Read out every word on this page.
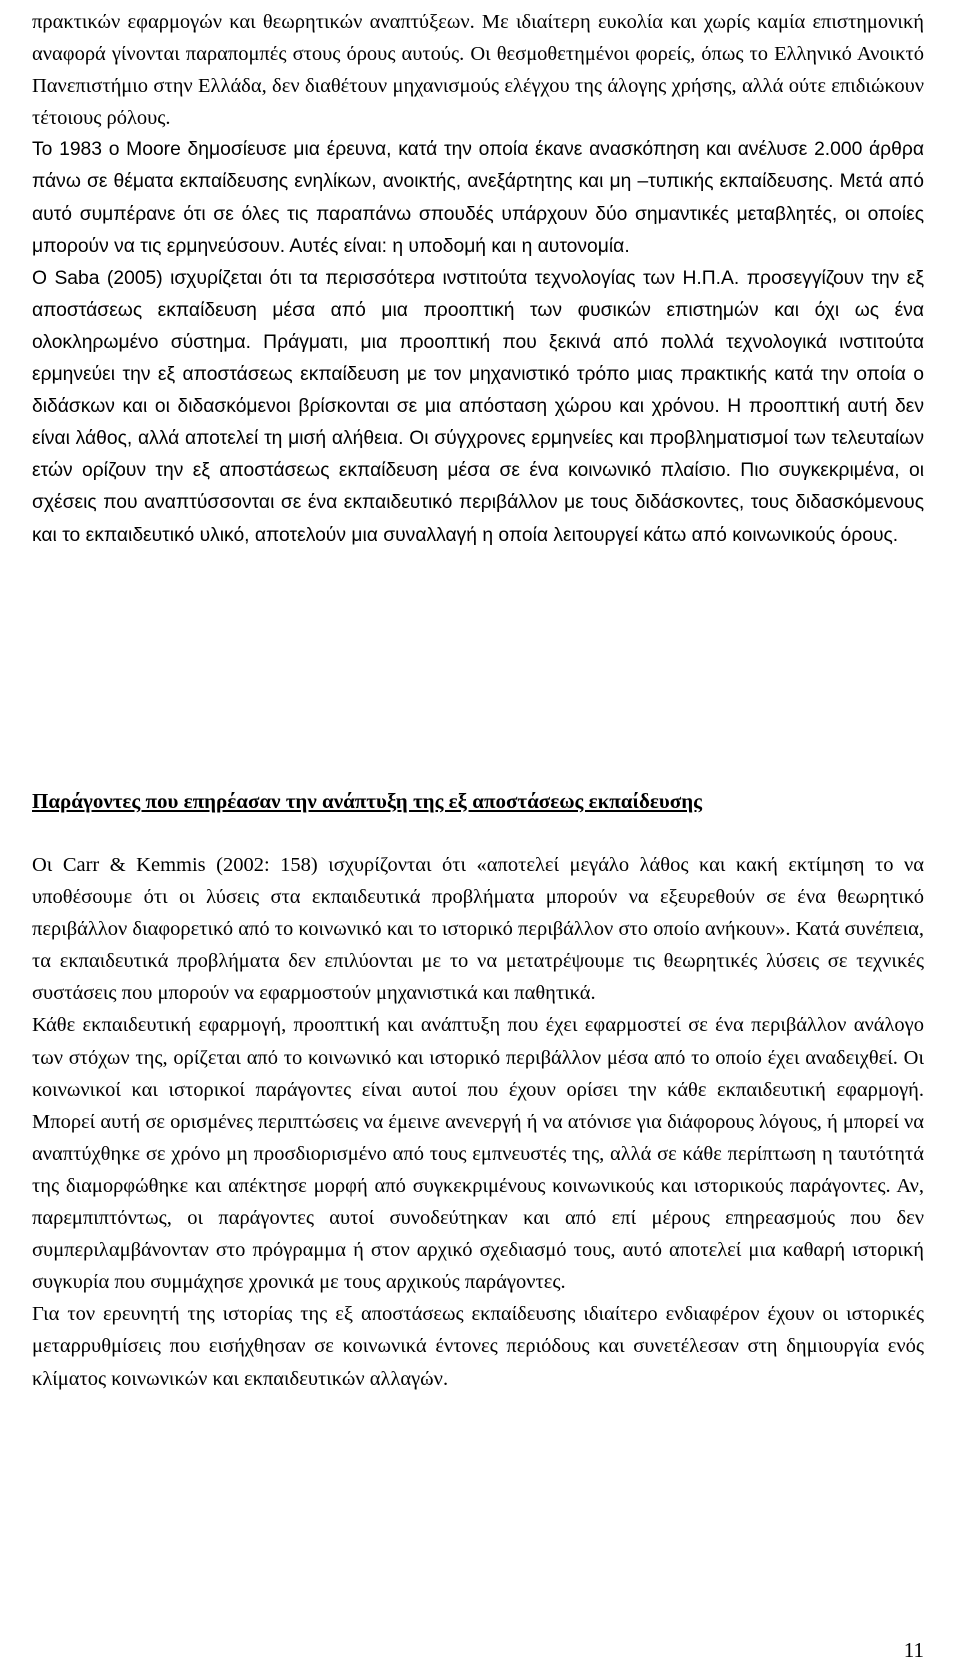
πρακτικών εφαρμογών και θεωρητικών αναπτύξεων. Με ιδιαίτερη ευκολία και χωρίς καμία επιστημονική αναφορά γίνονται παραπομπές στους όρους αυτούς. Οι θεσμοθετημένοι φορείς, όπως το Ελληνικό Ανοικτό Πανεπιστήμιο στην Ελλάδα, δεν διαθέτουν μηχανισμούς ελέγχου της άλογης χρήσης, αλλά ούτε επιδιώκουν τέτοιους ρόλους.
Το 1983 ο Moore δημοσίευσε μια έρευνα, κατά την οποία έκανε ανασκόπηση και ανέλυσε 2.000 άρθρα πάνω σε θέματα εκπαίδευσης ενηλίκων, ανοικτής, ανεξάρτητης και μη –τυπικής εκπαίδευσης. Μετά από αυτό συμπέρανε ότι σε όλες τις παραπάνω σπουδές υπάρχουν δύο σημαντικές μεταβλητές, οι οποίες μπορούν να τις ερμηνεύσουν. Αυτές είναι: η υποδομή και η αυτονομία.
Ο Saba (2005) ισχυρίζεται ότι τα περισσότερα ινστιτούτα τεχνολογίας των Η.Π.Α. προσεγγίζουν την εξ αποστάσεως εκπαίδευση μέσα από μια προοπτική των φυσικών επιστημών και όχι ως ένα ολοκληρωμένο σύστημα. Πράγματι, μια προοπτική που ξεκινά από πολλά τεχνολογικά ινστιτούτα ερμηνεύει την εξ αποστάσεως εκπαίδευση με τον μηχανιστικό τρόπο μιας πρακτικής κατά την οποία ο διδάσκων και οι διδασκόμενοι βρίσκονται σε μια απόσταση χώρου και χρόνου. Η προοπτική αυτή δεν είναι λάθος, αλλά αποτελεί τη μισή αλήθεια. Οι σύγχρονες ερμηνείες και προβληματισμοί των τελευταίων ετών ορίζουν την εξ αποστάσεως εκπαίδευση μέσα σε ένα κοινωνικό πλαίσιο. Πιο συγκεκριμένα, οι σχέσεις που αναπτύσσονται σε ένα εκπαιδευτικό περιβάλλον με τους διδάσκοντες, τους διδασκόμενους και το εκπαιδευτικό υλικό, αποτελούν μια συναλλαγή η οποία λειτουργεί κάτω από κοινωνικούς όρους.
Παράγοντες που επηρέασαν την ανάπτυξη της εξ αποστάσεως εκπαίδευσης
Οι Carr & Kemmis (2002: 158) ισχυρίζονται ότι «αποτελεί μεγάλο λάθος και κακή εκτίμηση το να υποθέσουμε ότι οι λύσεις στα εκπαιδευτικά προβλήματα μπορούν να εξευρεθούν σε ένα θεωρητικό περιβάλλον διαφορετικό από το κοινωνικό και το ιστορικό περιβάλλον στο οποίο ανήκουν». Κατά συνέπεια, τα εκπαιδευτικά προβλήματα δεν επιλύονται με το να μετατρέψουμε τις θεωρητικές λύσεις σε τεχνικές συστάσεις που μπορούν να εφαρμοστούν μηχανιστικά και παθητικά.
Κάθε εκπαιδευτική εφαρμογή, προοπτική και ανάπτυξη που έχει εφαρμοστεί σε ένα περιβάλλον ανάλογο των στόχων της, ορίζεται από το κοινωνικό και ιστορικό περιβάλλον μέσα από το οποίο έχει αναδειχθεί. Οι κοινωνικοί και ιστορικοί παράγοντες είναι αυτοί που έχουν ορίσει την κάθε εκπαιδευτική εφαρμογή. Μπορεί αυτή σε ορισμένες περιπτώσεις να έμεινε ανενεργή ή να ατόνισε για διάφορους λόγους, ή μπορεί να αναπτύχθηκε σε χρόνο μη προσδιορισμένο από τους εμπνευστές της, αλλά σε κάθε περίπτωση η ταυτότητά της διαμορφώθηκε και απέκτησε μορφή από συγκεκριμένους κοινωνικούς και ιστορικούς παράγοντες. Αν, παρεμπιπτόντως, οι παράγοντες αυτοί συνοδεύτηκαν και από επί μέρους επηρεασμούς που δεν συμπεριλαμβάνονταν στο πρόγραμμα ή στον αρχικό σχεδιασμό τους, αυτό αποτελεί μια καθαρή ιστορική συγκυρία που συμμάχησε χρονικά με τους αρχικούς παράγοντες.
Για τον ερευνητή της ιστορίας της εξ αποστάσεως εκπαίδευσης ιδιαίτερο ενδιαφέρον έχουν οι ιστορικές μεταρρυθμίσεις που εισήχθησαν σε κοινωνικά έντονες περιόδους και συνετέλεσαν στη δημιουργία ενός κλίματος κοινωνικών και εκπαιδευτικών αλλαγών.
11
